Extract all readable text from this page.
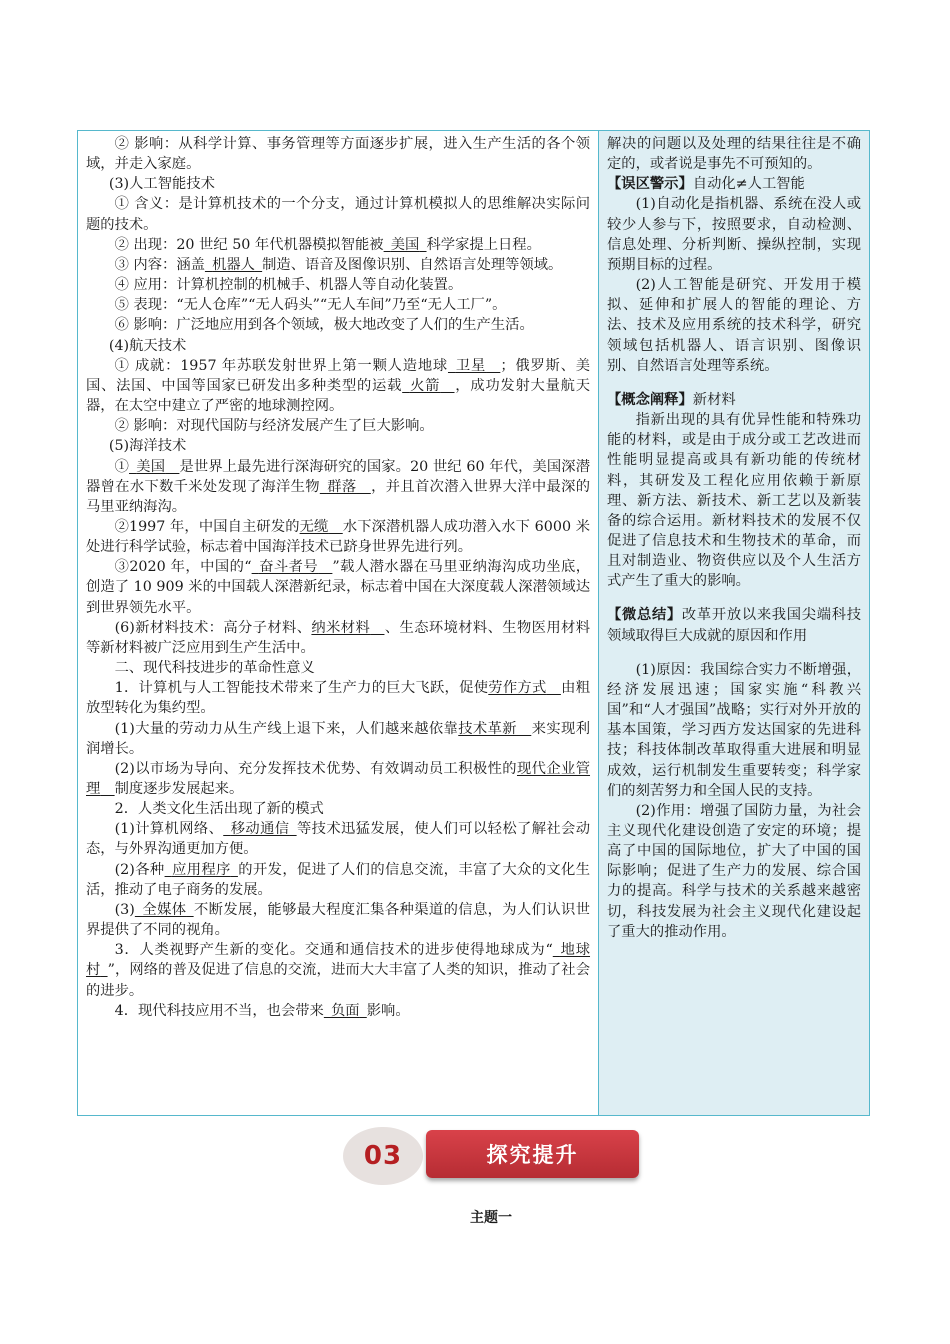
② 影响：从科学计算、事务管理等方面逐步扩展，进入生产生活的各个领域，并走入家庭。

(3)人工智能技术

① 含义：是计算机技术的一个分支，通过计算机模拟人的思维解决实际问题的技术。

② 出现：20 世纪 50 年代机器模拟智能被  美国  科学家提上日程。

③ 内容：涵盖  机器人  制造、语音及图像识别、自然语言处理等领域。

④ 应用：计算机控制的机械手、机器人等自动化装置。

⑤ 表现：“无人仓库”“无人码头”“无人车间”乃至“无人工厂”。

⑥ 影响：广泛地应用到各个领域，极大地改变了人们的生产生活。

(4)航天技术

① 成就：1957 年苏联发射世界上第一颗人造地球  卫星   ；俄罗斯、美国、法国、中国等国家已研发出多种类型的运载  火箭   ，成功发射大量航天器，在太空中建立了严密的地球测控网。

② 影响：对现代国防与经济发展产生了巨大影响。

(5)海洋技术

①  美国   是世界上最先进行深海研究的国家。20 世纪 60 年代，美国深潜器曾在水下数千米处发现了海洋生物  群落   ，并且首次潜入世界大洋中最深的马里亚纳海沟。

②1997 年，中国自主研发的无缆   水下深潜机器人成功潜入水下 6000 米处进行科学试验，标志着中国海洋技术已跻身世界先进行列。

③2020 年，中国的“  奋斗者号   ”载人潜水器在马里亚纳海沟成功坐底，创造了 10 909 米的中国载人深潜新纪录，标志着中国在大深度载人深潜领域达到世界领先水平。

(6)新材料技术：高分子材料、纳米材料   、生态环境材料、生物医用材料等新材料被广泛应用到生产生活中。

二、现代科技进步的革命性意义

1．计算机与人工智能技术带来了生产力的巨大飞跃，促使劳作方式   由粗放型转化为集约型。

(1)大量的劳动力从生产线上退下来，人们越来越依靠技术革新   来实现利润增长。

(2)以市场为导向、充分发挥技术优势、有效调动员工积极性的现代企业管理   制度逐步发展起来。

2．人类文化生活出现了新的模式

(1)计算机网络、  移动通信  等技术迅猛发展，使人们可以轻松了解社会动态，与外界沟通更加方便。

(2)各种  应用程序  的开发，促进了人们的信息交流，丰富了大众的文化生活，推动了电子商务的发展。

(3)  全媒体  不断发展，能够最大程度汇集各种渠道的信息，为人们认识世界提供了不同的视角。

3．人类视野产生新的变化。交通和通信技术的进步使得地球成为“  地球村  ”，网络的普及促进了信息的交流，进而大大丰富了人类的知识，推动了社会的进步。

4．现代科技应用不当，也会带来  负面  影响。

解决的问题以及处理的结果往往是不确定的，或者说是事先不可预知的。

【误区警示】自动化≠人工智能

(1)自动化是指机器、系统在没人或较少人参与下，按照要求，自动检测、信息处理、分析判断、操纵控制，实现预期目标的过程。

(2)人工智能是研究、开发用于模拟、延伸和扩展人的智能的理论、方法、技术及应用系统的技术科学，研究领域包括机器人、语言识别、图像识别、自然语言处理等系统。

【概念阐释】新材料

指新出现的具有优异性能和特殊功能的材料，或是由于成分或工艺改进而性能明显提高或具有新功能的传统材料，其研发及工程化应用依赖于新原理、新方法、新技术、新工艺以及新装备的综合运用。新材料技术的发展不仅促进了信息技术和生物技术的革命，而且对制造业、物资供应以及个人生活方式产生了重大的影响。

【微总结】改革开放以来我国尖端科技领域取得巨大成就的原因和作用

(1)原因：我国综合实力不断增强，经济发展迅速；国家实施“科教兴国”和“人才强国”战略；实行对外开放的基本国策，学习西方发达国家的先进科技；科技体制改革取得重大进展和明显成效，运行机制发生重要转变；科学家们的刻苦努力和全国人民的支持。

(2)作用：增强了国防力量，为社会主义现代化建设创造了安定的环境；提高了中国的国际地位，扩大了中国的国际影响；促进了生产力的发展、综合国力的提高。科学与技术的关系越来越密切，科技发展为社会主义现代化建设起了重大的推动作用。

03	探究提升
主题一
